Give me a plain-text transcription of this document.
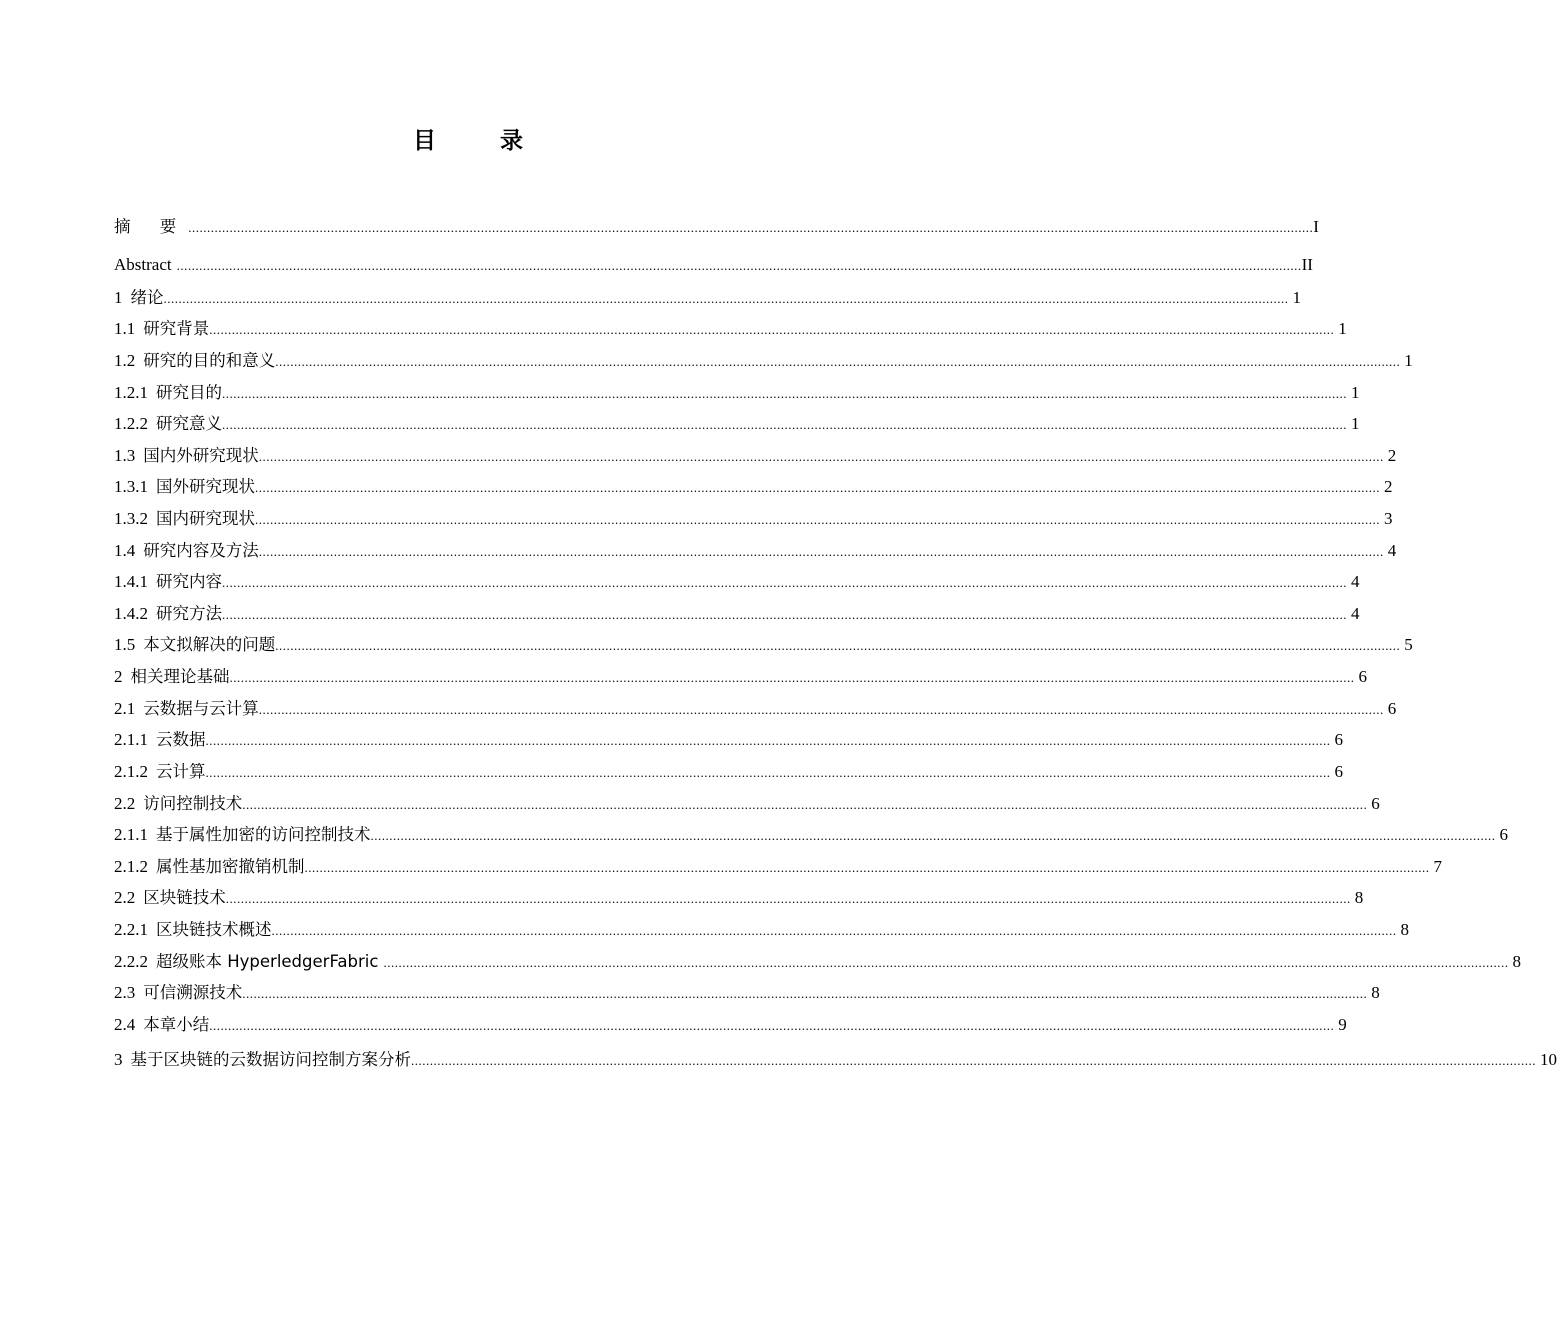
目 录
摘 要 ............................................................................................................................................................................................................................................................................................................ I
Abstract ............................................................................................................................................................................................................................................................................................................ II
1 绪论 ............................................................................................................................................................................................................................................................................................................ 1
1.1 研究背景 ............................................................................................................................................................................................................................................................................................................ 1
1.2 研究的目的和意义 ............................................................................................................................................................................................................................................................................................................ 1
1.2.1 研究目的 ............................................................................................................................................................................................................................................................................................................ 1
1.2.2 研究意义 ............................................................................................................................................................................................................................................................................................................ 1
1.3 国内外研究现状 ............................................................................................................................................................................................................................................................................................................ 2
1.3.1 国外研究现状 ............................................................................................................................................................................................................................................................................................................ 2
1.3.2 国内研究现状 ............................................................................................................................................................................................................................................................................................................ 3
1.4 研究内容及方法 ............................................................................................................................................................................................................................................................................................................ 4
1.4.1 研究内容 ............................................................................................................................................................................................................................................................................................................ 4
1.4.2 研究方法 ............................................................................................................................................................................................................................................................................................................ 4
1.5 本文拟解决的问题 ............................................................................................................................................................................................................................................................................................................ 5
2 相关理论基础 ............................................................................................................................................................................................................................................................................................................ 6
2.1 云数据与云计算 ............................................................................................................................................................................................................................................................................................................ 6
2.1.1 云数据 ............................................................................................................................................................................................................................................................................................................ 6
2.1.2 云计算 ............................................................................................................................................................................................................................................................................................................ 6
2.2 访问控制技术 ............................................................................................................................................................................................................................................................................................................ 6
2.1.1 基于属性加密的访问控制技术 ............................................................................................................................................................................................................................................................................................................ 6
2.1.2 属性基加密撤销机制 ............................................................................................................................................................................................................................................................................................................ 7
2.2 区块链技术 ............................................................................................................................................................................................................................................................................................................ 8
2.2.1 区块链技术概述 ............................................................................................................................................................................................................................................................................................................ 8
2.2.2 超级账本 HyperledgerFabric ............................................................................................................................................................................................................................................................................................................ 8
2.3 可信溯源技术 ............................................................................................................................................................................................................................................................................................................ 8
2.4 本章小结 ............................................................................................................................................................................................................................................................................................................ 9
3 基于区块链的云数据访问控制方案分析 ............................................................................................................................................................................................................................................................................................................ 10
